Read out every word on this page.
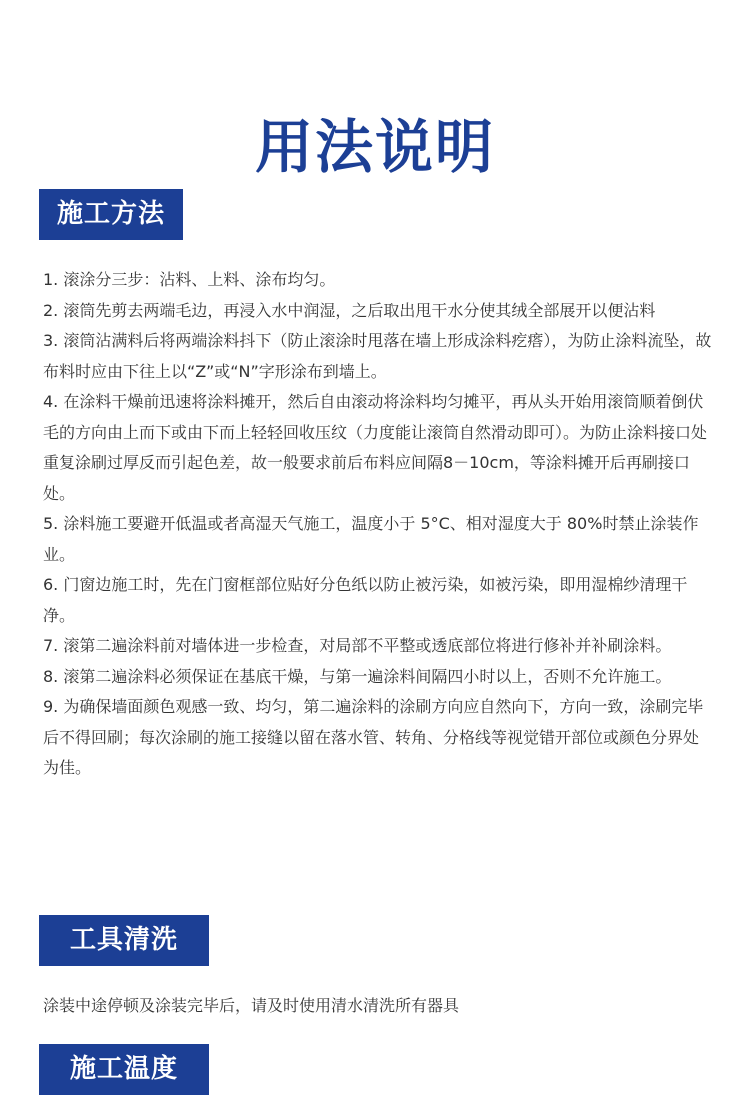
用法说明
施工方法
1. 滚涂分三步：沾料、上料、涂布均匀。
2. 滚筒先剪去两端毛边，再浸入水中润湿，之后取出甩干水分使其绒全部展开以便沾料
3. 滚筒沾满料后将两端涂料抖下（防止滚涂时甩落在墙上形成涂料疙瘩），为防止涂料流坠，故布料时应由下往上以“Z”或“N”字形涂布到墙上。
4. 在涂料干燥前迅速将涂料摊开，然后自由滚动将涂料均匀摊平，再从头开始用滚筒顺着倒伏毛的方向由上而下或由下而上轻轻回收压纹（力度能让滚筒自然滑动即可）。为防止涂料接口处重复涂刷过厚反而引起色差，故一般要求前后布料应间隔8－10cm，等涂料摊开后再刷接口处。
5. 涂料施工要避开低温或者高湿天气施工，温度小于 5°C、相对湿度大于 80%时禁止涂装作业。
6. 门窗边施工时，先在门窗框部位贴好分色纸以防止被污染，如被污染，即用湿棉纱清理干净。
7. 滚第二遍涂料前对墙体进一步检查，对局部不平整或透底部位将进行修补并补刷涂料。
8. 滚第二遍涂料必须保证在基底干燥，与第一遍涂料间隔四小时以上，否则不允许施工。
9. 为确保墙面颜色观感一致、均匀，第二遍涂料的涂刷方向应自然向下，方向一致，涂刷完毕后不得回刷；每次涂刷的施工接缝以留在落水管、转角、分格线等视觉错开部位或颜色分界处为佳。
工具清洗

涂装中途停顿及涂装完毕后，请及时使用清水清洗所有器具

施工温度
